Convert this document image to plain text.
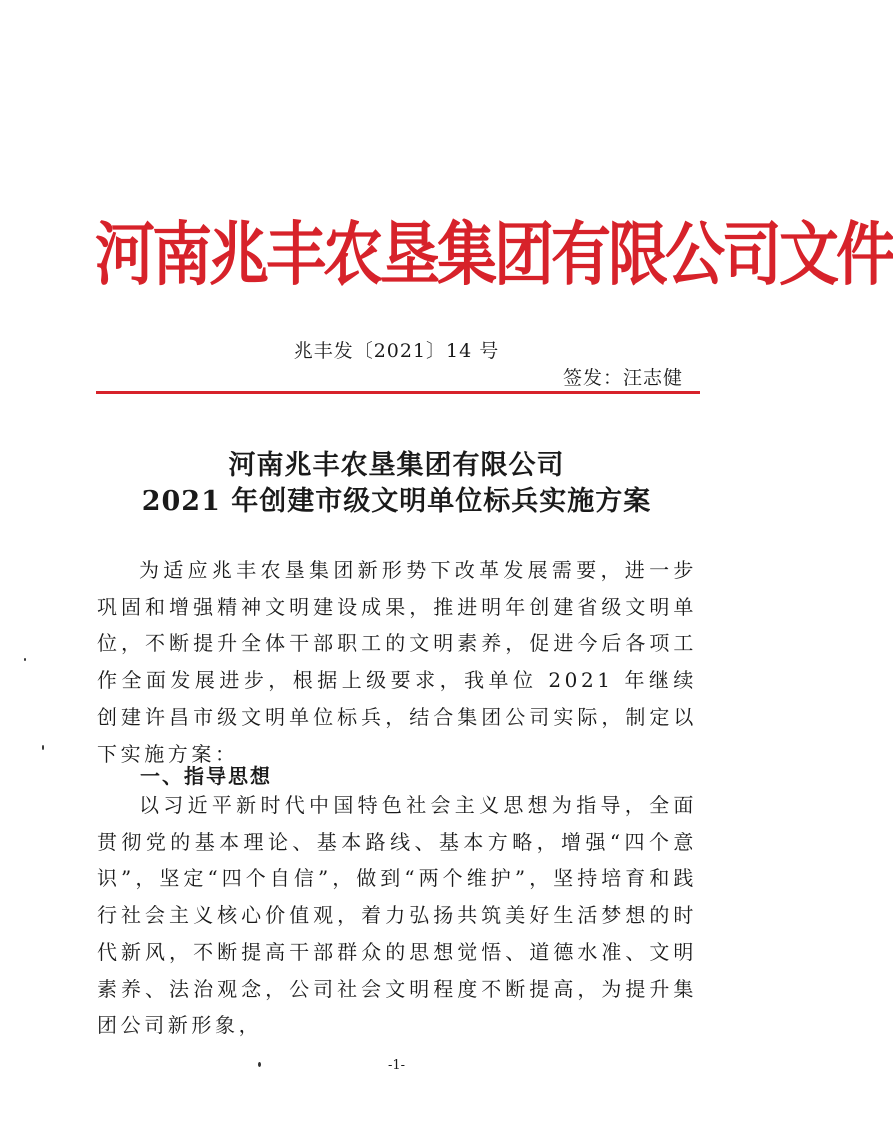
河南兆丰农垦集团有限公司文件
兆丰发〔2021〕14 号
签发：汪志健
河南兆丰农垦集团有限公司
2021 年创建市级文明单位标兵实施方案
为适应兆丰农垦集团新形势下改革发展需要，进一步巩固和增强精神文明建设成果，推进明年创建省级文明单位，不断提升全体干部职工的文明素养，促进今后各项工作全面发展进步，根据上级要求，我单位 2021 年继续创建许昌市级文明单位标兵，结合集团公司实际，制定以下实施方案：
一、指导思想
以习近平新时代中国特色社会主义思想为指导，全面贯彻党的基本理论、基本路线、基本方略，增强“四个意识”，坚定“四个自信”，做到“两个维护”，坚持培育和践行社会主义核心价值观，着力弘扬共筑美好生活梦想的时代新风，不断提高干部群众的思想觉悟、道德水准、文明素养、法治观念，公司社会文明程度不断提高，为提升集团公司新形象，
-1-
